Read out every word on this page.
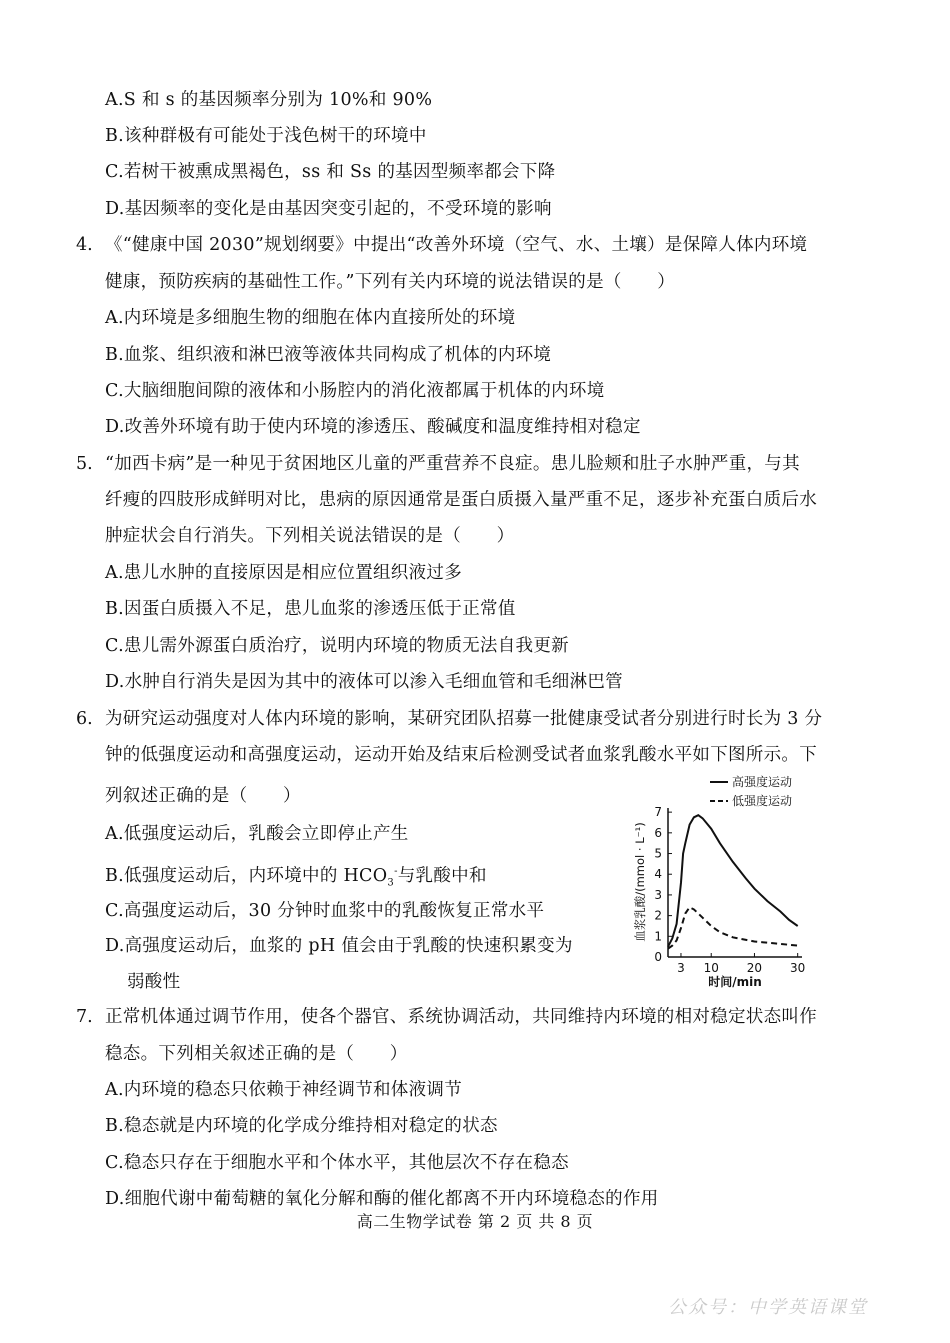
A.S 和 s 的基因频率分别为 10%和 90%
B.该种群极有可能处于浅色树干的环境中
C.若树干被熏成黑褐色，ss 和 Ss 的基因型频率都会下降
D.基因频率的变化是由基因突变引起的，不受环境的影响
4. 《“健康中国 2030”规划纲要》中提出“改善外环境（空气、水、土壤）是保障人体内环境
健康，预防疾病的基础性工作。”下列有关内环境的说法错误的是（　　）
A.内环境是多细胞生物的细胞在体内直接所处的环境
B.血浆、组织液和淋巴液等液体共同构成了机体的内环境
C.大脑细胞间隙的液体和小肠腔内的消化液都属于机体的内环境
D.改善外环境有助于使内环境的渗透压、酸碱度和温度维持相对稳定
5. “加西卡病”是一种见于贫困地区儿童的严重营养不良症。患儿脸颊和肚子水肿严重，与其
纤瘦的四肢形成鲜明对比，患病的原因通常是蛋白质摄入量严重不足，逐步补充蛋白质后水
肿症状会自行消失。下列相关说法错误的是（　　）
A.患儿水肿的直接原因是相应位置组织液过多
B.因蛋白质摄入不足，患儿血浆的渗透压低于正常值
C.患儿需外源蛋白质治疗，说明内环境的物质无法自我更新
D.水肿自行消失是因为其中的液体可以渗入毛细血管和毛细淋巴管
6. 为研究运动强度对人体内环境的影响，某研究团队招募一批健康受试者分别进行时长为 3 分
钟的低强度运动和高强度运动，运动开始及结束后检测受试者血浆乳酸水平如下图所示。下
列叙述正确的是（　　）
A.低强度运动后，乳酸会立即停止产生
B.低强度运动后，内环境中的 $HCO_3^-$与乳酸中和
C.高强度运动后，30 分钟时血浆中的乳酸恢复正常水平
D.高强度运动后，血浆的 pH 值会由于乳酸的快速积累变为
弱酸性
高强度运动
低强度运动
血浆乳酸/(mmol · L⁻¹)
时间/min
0
1
2
3
4
5
6
7
3 10 20 30
7. 正常机体通过调节作用，使各个器官、系统协调活动，共同维持内环境的相对稳定状态叫作
稳态。下列相关叙述正确的是（　　）
A.内环境的稳态只依赖于神经调节和体液调节
B.稳态就是内环境的化学成分维持相对稳定的状态
C.稳态只存在于细胞水平和个体水平，其他层次不存在稳态
D.细胞代谢中葡萄糖的氧化分解和酶的催化都离不开内环境稳态的作用
高二生物学试卷 第 2 页 共 8 页
公众号：中学英语课堂
